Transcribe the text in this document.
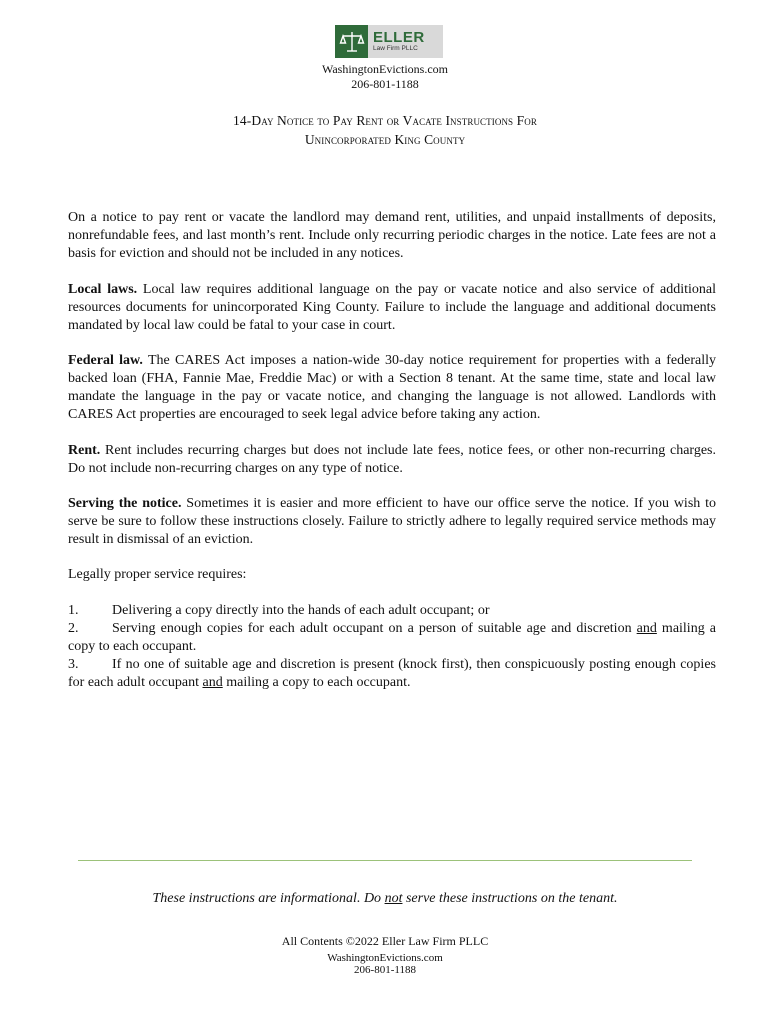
ELLER
Law Firm PLLC
WashingtonEvictions.com
206-801-1188
14-Day Notice to Pay Rent or Vacate Instructions For
Unincorporated King County

On a notice to pay rent or vacate the landlord may demand rent, utilities, and unpaid installments of deposits, nonrefundable fees, and last month’s rent. Include only recurring periodic charges in the notice. Late fees are not a basis for eviction and should not be included in any notices.

Local laws. Local law requires additional language on the pay or vacate notice and also service of additional resources documents for unincorporated King County. Failure to include the language and additional documents mandated by local law could be fatal to your case in court.

Federal law. The CARES Act imposes a nation-wide 30-day notice requirement for properties with a federally backed loan (FHA, Fannie Mae, Freddie Mac) or with a Section 8 tenant. At the same time, state and local law mandate the language in the pay or vacate notice, and changing the language is not allowed. Landlords with CARES Act properties are encouraged to seek legal advice before taking any action.

Rent. Rent includes recurring charges but does not include late fees, notice fees, or other non-recurring charges. Do not include non-recurring charges on any type of notice.

Serving the notice. Sometimes it is easier and more efficient to have our office serve the notice. If you wish to serve be sure to follow these instructions closely. Failure to strictly adhere to legally required service methods may result in dismissal of an eviction.

Legally proper service requires:

1.	Delivering a copy directly into the hands of each adult occupant; or

2. Serving enough copies for each adult occupant on a person of suitable age and discretion and mailing a copy to each occupant.

3. If no one of suitable age and discretion is present (knock first), then conspicuously posting enough copies for each adult occupant and mailing a copy to each occupant.

These instructions are informational. Do not serve these instructions on the tenant.
All Contents ©2022 Eller Law Firm PLLC
WashingtonEvictions.com
206-801-1188
